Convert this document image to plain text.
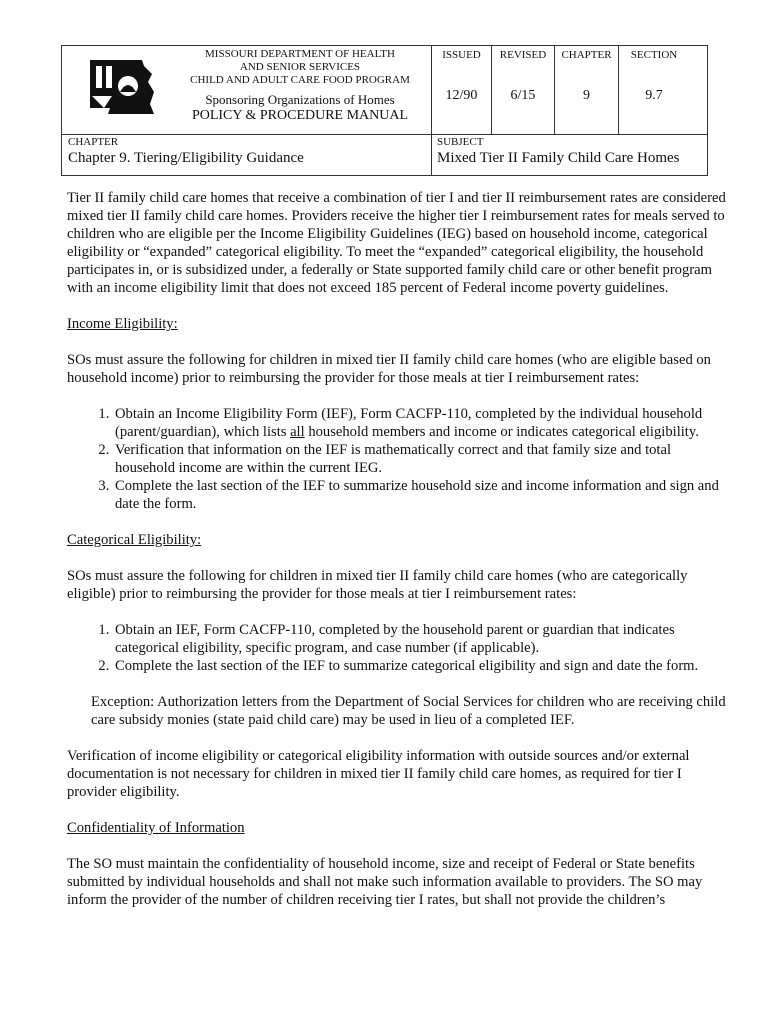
MISSOURI DEPARTMENT OF HEALTH
AND SENIOR SERVICES
CHILD AND ADULT CARE FOOD PROGRAM
Sponsoring Organizations of Homes
POLICY & PROCEDURE MANUAL
ISSUED
12/90
REVISED
6/15
CHAPTER
9
SECTION
9.7
CHAPTER
Chapter 9. Tiering/Eligibility Guidance
SUBJECT
Mixed Tier II Family Child Care Homes

Tier II family child care homes that receive a combination of tier I and tier II reimbursement rates are considered mixed tier II family child care homes. Providers receive the higher tier I reimbursement rates for meals served to children who are eligible per the Income Eligibility Guidelines (IEG) based on household income, categorical eligibility or “expanded” categorical eligibility. To meet the “expanded” categorical eligibility, the household participates in, or is subsidized under, a federally or State supported family child care or other benefit program with an income eligibility limit that does not exceed 185 percent of Federal income poverty guidelines.

Income Eligibility:

SOs must assure the following for children in mixed tier II family child care homes (who are eligible based on household income) prior to reimbursing the provider for those meals at tier I reimbursement rates:

1. Obtain an Income Eligibility Form (IEF), Form CACFP-110, completed by the individual household (parent/guardian), which lists all household members and income or indicates categorical eligibility.
2. Verification that information on the IEF is mathematically correct and that family size and total household income are within the current IEG.
3. Complete the last section of the IEF to summarize household size and income information and sign and date the form.
Categorical Eligibility:

SOs must assure the following for children in mixed tier II family child care homes (who are categorically eligible) prior to reimbursing the provider for those meals at tier I reimbursement rates:

1. Obtain an IEF, Form CACFP-110, completed by the household parent or guardian that indicates categorical eligibility, specific program, and case number (if applicable).
2. Complete the last section of the IEF to summarize categorical eligibility and sign and date the form.

Exception: Authorization letters from the Department of Social Services for children who are receiving child care subsidy monies (state paid child care) may be used in lieu of a completed IEF.

Verification of income eligibility or categorical eligibility information with outside sources and/or external documentation is not necessary for children in mixed tier II family child care homes, as required for tier I provider eligibility.

Confidentiality of Information

The SO must maintain the confidentiality of household income, size and receipt of Federal or State benefits submitted by individual households and shall not make such information available to providers. The SO may inform the provider of the number of children receiving tier I rates, but shall not provide the children’s
